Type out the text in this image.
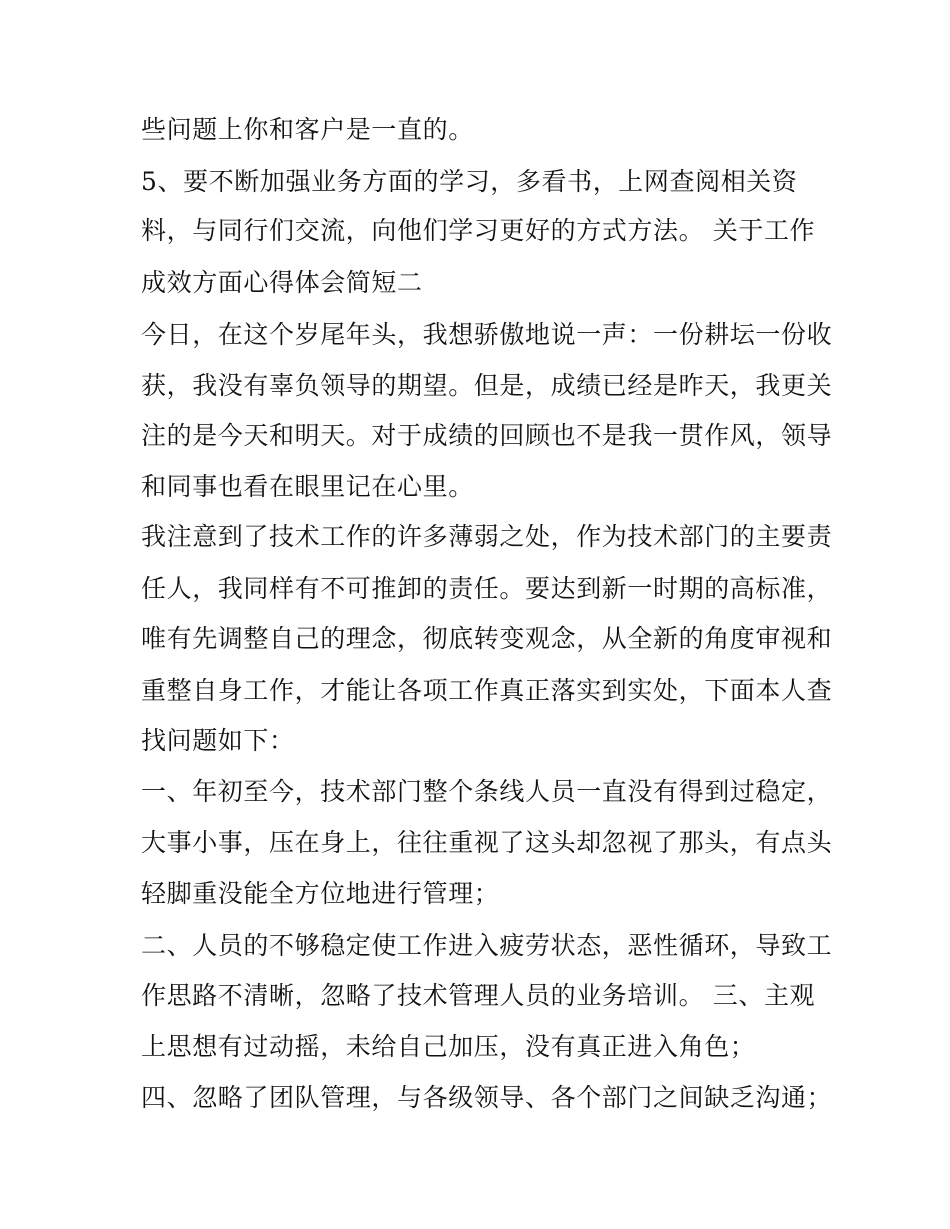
些问题上你和客户是一直的。
5、要不断加强业务方面的学习，多看书，上网查阅相关资
料，与同行们交流，向他们学习更好的方式方法。 关于工作
成效方面心得体会简短二
今日，在这个岁尾年头，我想骄傲地说一声：一份耕坛一份收
获，我没有辜负领导的期望。但是，成绩已经是昨天，我更关
注的是今天和明天。对于成绩的回顾也不是我一贯作风，领导
和同事也看在眼里记在心里。
我注意到了技术工作的许多薄弱之处，作为技术部门的主要责
任人，我同样有不可推卸的责任。要达到新一时期的高标准，
唯有先调整自己的理念，彻底转变观念，从全新的角度审视和
重整自身工作，才能让各项工作真正落实到实处，下面本人查
找问题如下：
一、年初至今，技术部门整个条线人员一直没有得到过稳定，
大事小事，压在身上，往往重视了这头却忽视了那头，有点头
轻脚重没能全方位地进行管理；
二、人员的不够稳定使工作进入疲劳状态，恶性循环，导致工
作思路不清晰，忽略了技术管理人员的业务培训。 三、主观
上思想有过动摇，未给自己加压，没有真正进入角色；
四、忽略了团队管理，与各级领导、各个部门之间缺乏沟通；
